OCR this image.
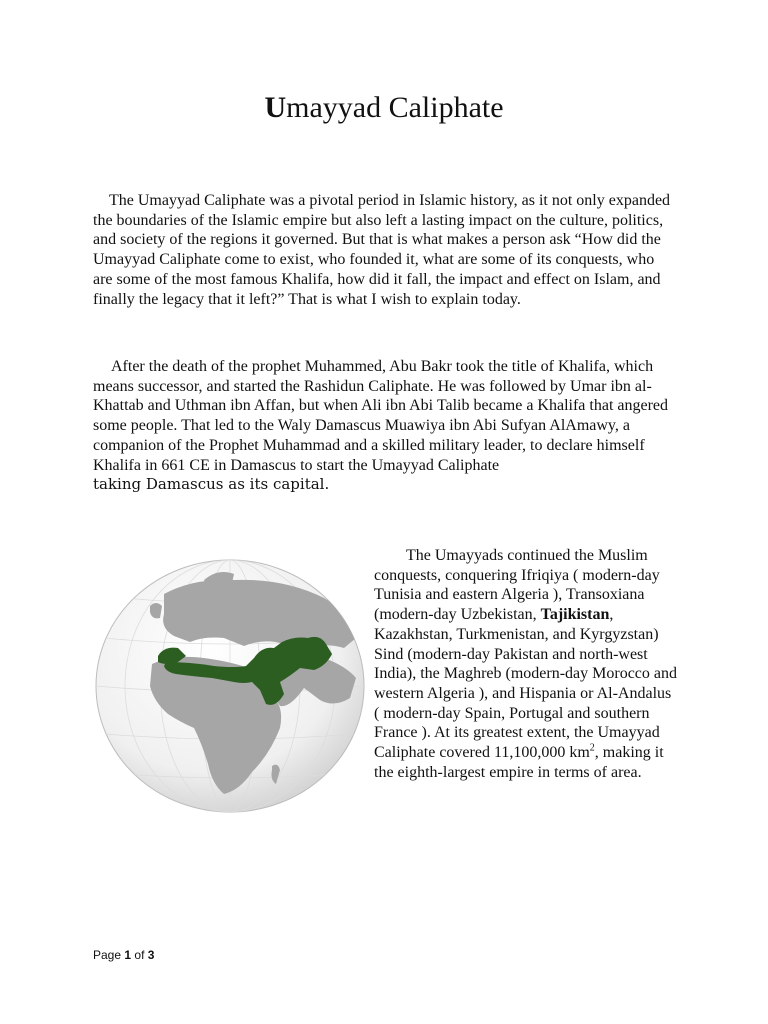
Umayyad Caliphate

The Umayyad Caliphate was a pivotal period in Islamic history, as it not only expanded the boundaries of the Islamic empire but also left a lasting impact on the culture, politics, and society of the regions it governed. But that is what makes a person ask “How did the Umayyad Caliphate come to exist, who founded it, what are some of its conquests, who are some of the most famous Khalifa, how did it fall, the impact and effect on Islam, and finally the legacy that it left?” That is what I wish to explain today.

After the death of the prophet Muhammed, Abu Bakr took the title of Khalifa, which means successor, and started the Rashidun Caliphate. He was followed by Umar ibn al-Khattab and Uthman ibn Affan, but when Ali ibn Abi Talib became a Khalifa that angered some people. That led to the Waly Damascus Muawiya ibn Abi Sufyan AlAmawy, a companion of the Prophet Muhammad and a skilled military leader, to declare himself Khalifa in 661 CE in Damascus to start the Umayyad Caliphate
taking Damascus as its capital.

The Umayyads continued the Muslim conquests, conquering Ifriqiya ( modern-day Tunisia and eastern Algeria ), Transoxiana (modern-day Uzbekistan, Tajikistan, Kazakhstan, Turkmenistan, and Kyrgyzstan) Sind (modern-day Pakistan and north-west India), the Maghreb (modern-day Morocco and western Algeria ), and Hispania or Al-Andalus ( modern-day Spain, Portugal and southern France ). At its greatest extent, the Umayyad Caliphate covered 11,100,000 $km^2$, making it the eighth-largest empire in terms of area.

Page 1 of 3
